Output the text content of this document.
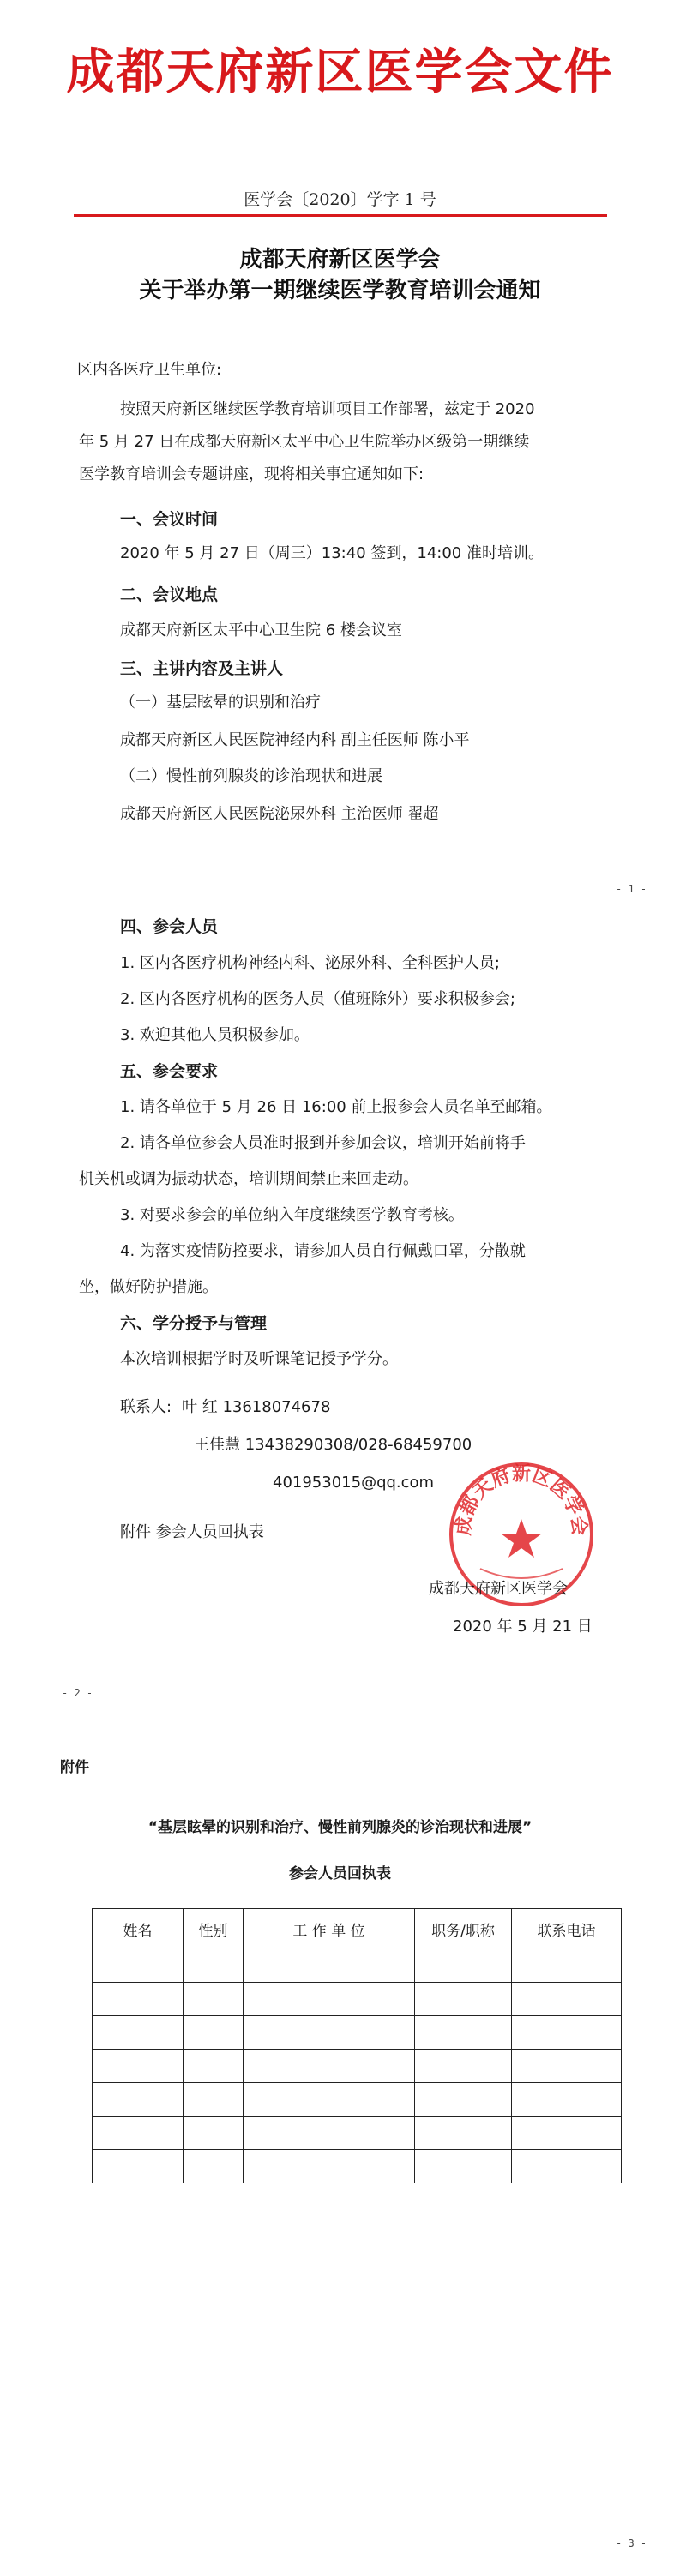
成都天府新区医学会文件
医学会〔2020〕学字 1 号
成都天府新区医学会
关于举办第一期继续医学教育培训会通知
区内各医疗卫生单位:
按照天府新区继续医学教育培训项目工作部署，兹定于 2020
年 5 月 27 日在成都天府新区太平中心卫生院举办区级第一期继续
医学教育培训会专题讲座，现将相关事宜通知如下:
一、会议时间
2020 年 5 月 27 日（周三）13:40 签到，14:00 准时培训。
二、会议地点
成都天府新区太平中心卫生院 6 楼会议室
三、主讲内容及主讲人
（一）基层眩晕的识别和治疗
成都天府新区人民医院神经内科 副主任医师 陈小平
（二）慢性前列腺炎的诊治现状和进展
成都天府新区人民医院泌尿外科 主治医师 翟超
- 1 -
四、参会人员
1. 区内各医疗机构神经内科、泌尿外科、全科医护人员;
2. 区内各医疗机构的医务人员（值班除外）要求积极参会;
3. 欢迎其他人员积极参加。
五、参会要求
1. 请各单位于 5 月 26 日 16:00 前上报参会人员名单至邮箱。
2. 请各单位参会人员准时报到并参加会议，培训开始前将手
机关机或调为振动状态，培训期间禁止来回走动。
3. 对要求参会的单位纳入年度继续医学教育考核。
4. 为落实疫情防控要求，请参加人员自行佩戴口罩，分散就
坐，做好防护措施。
六、学分授予与管理
本次培训根据学时及听课笔记授予学分。
联系人: 叶 红 13618074678
王佳慧 13438290308/028-68459700
401953015@qq.com
附件 参会人员回执表	成都天府新区医学会
成都天府新区医学会
2020 年 5 月 21 日
- 2 -
附件
“基层眩晕的识别和治疗、慢性前列腺炎的诊治现状和进展”
参会人员回执表
姓名	性别	工 作 单 位	职务/职称	联系电话

- 3 -
